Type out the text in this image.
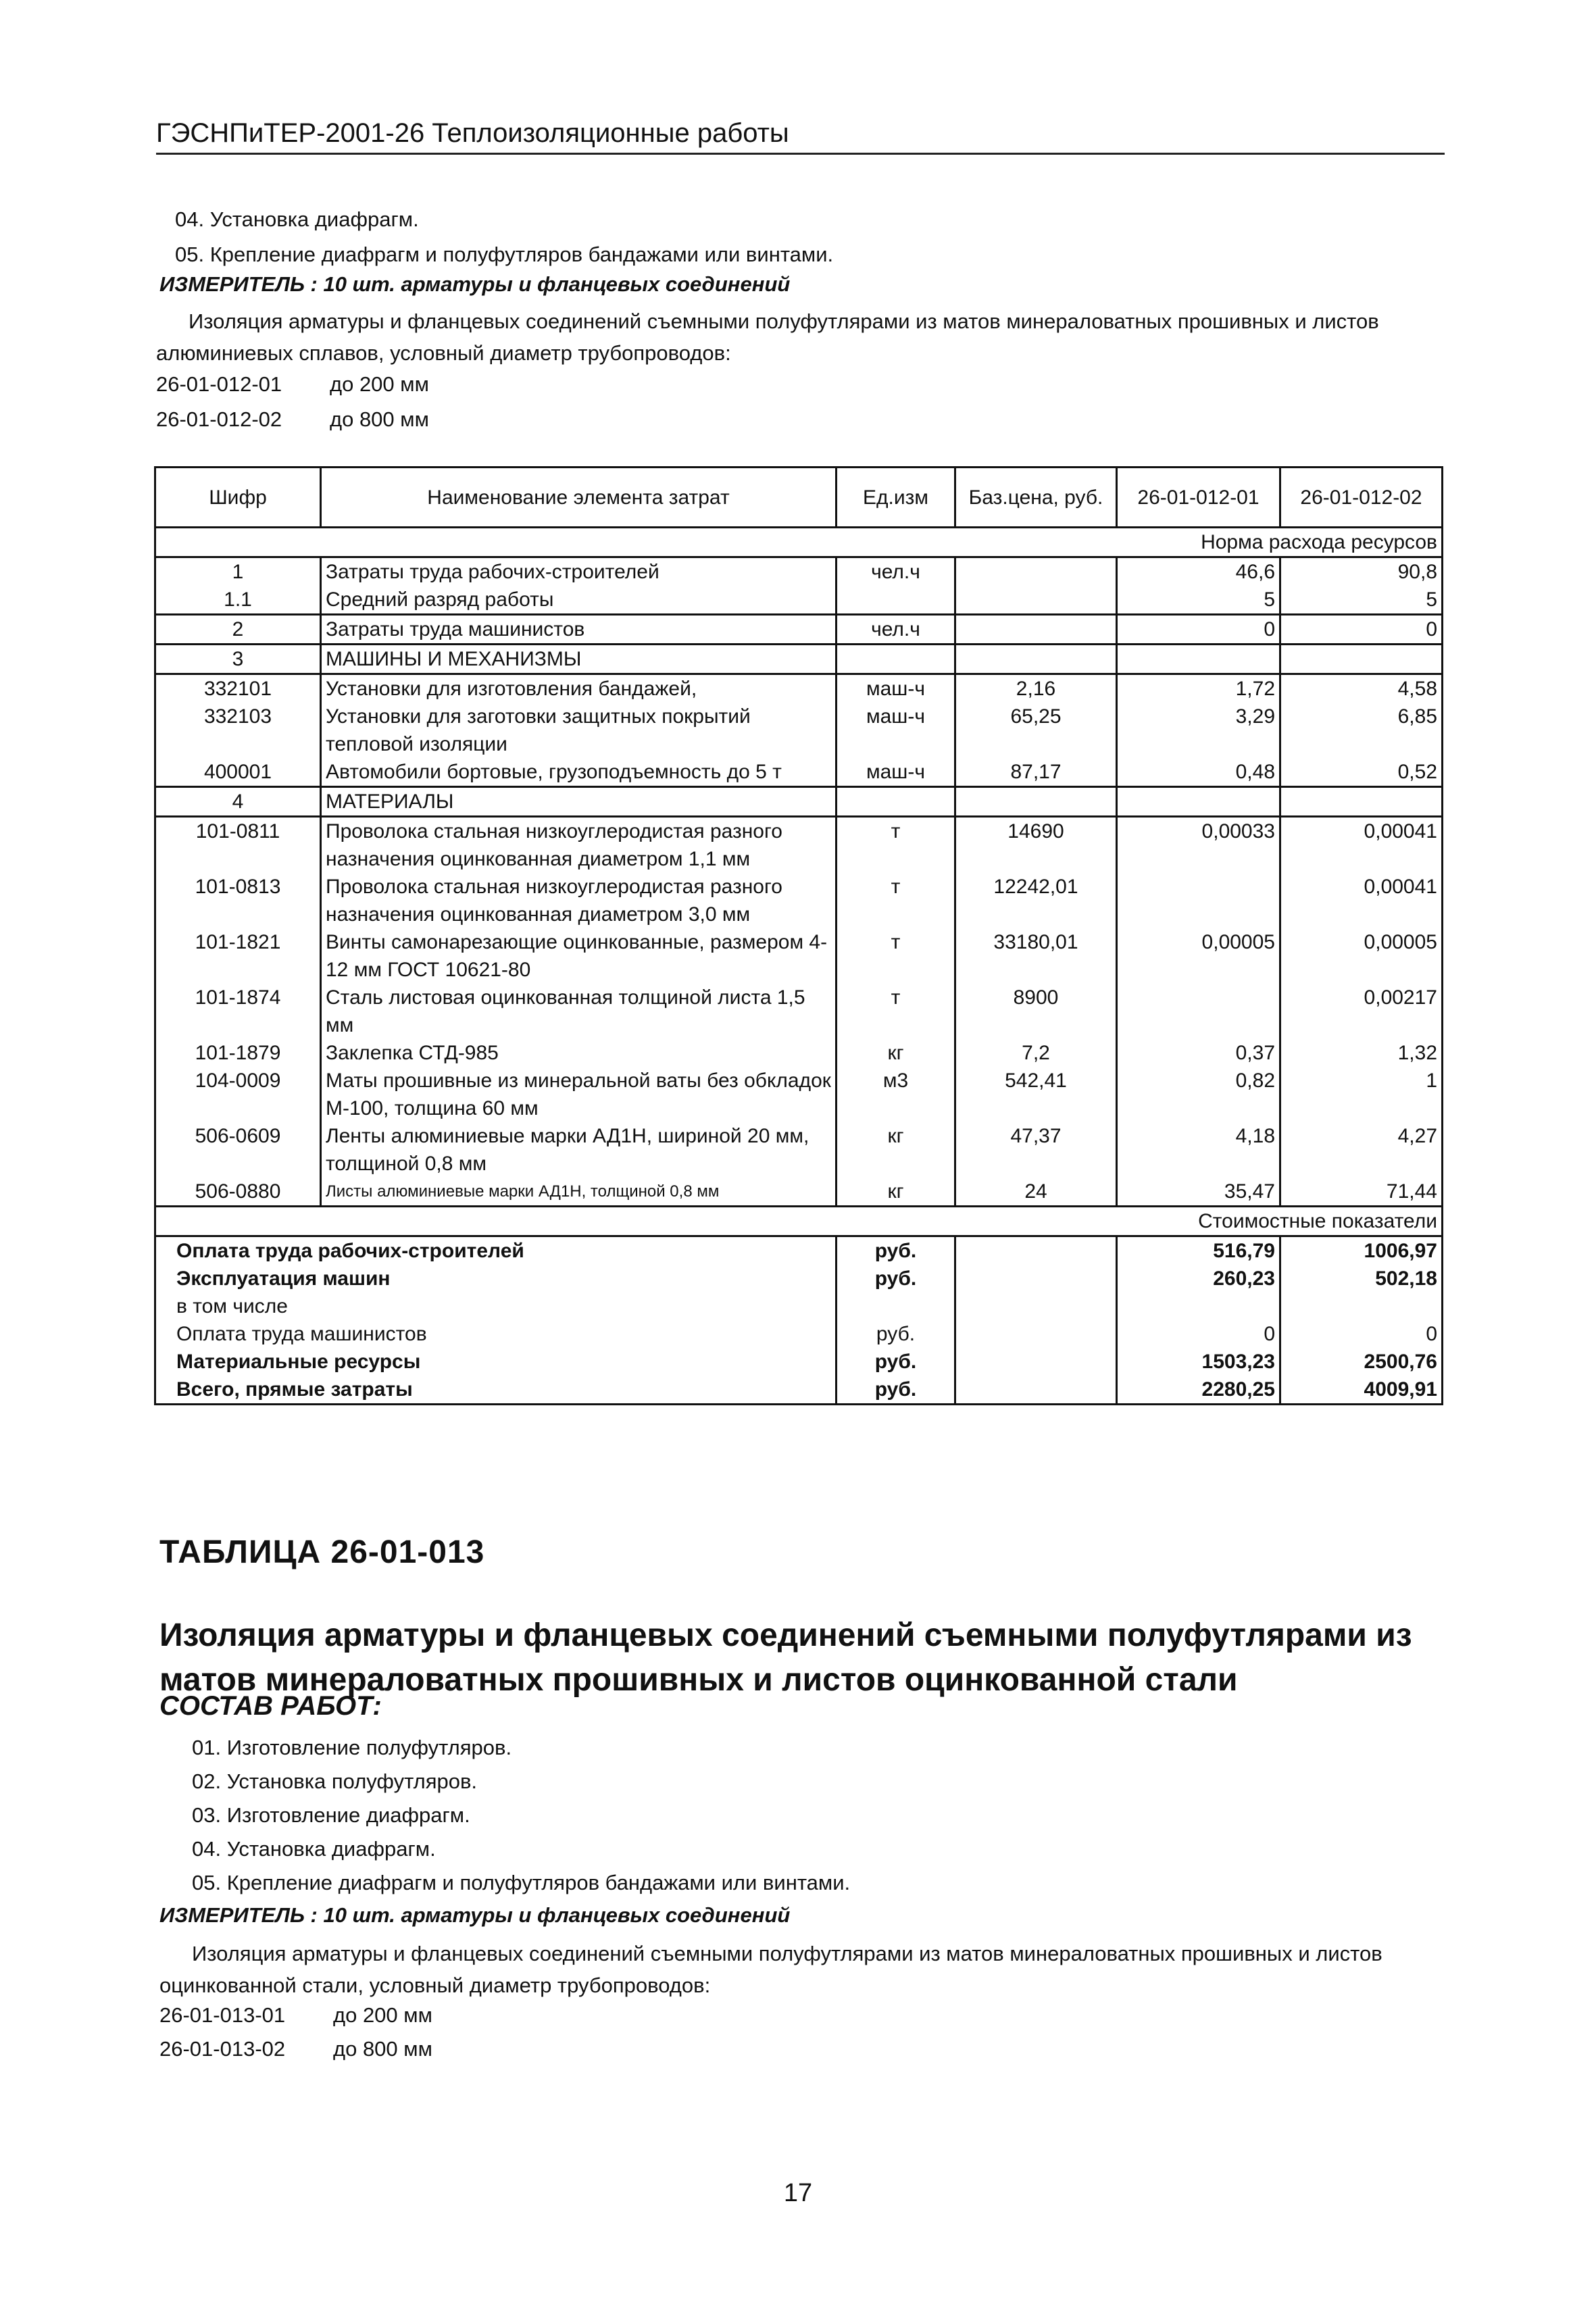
ГЭСНПиТЕР-2001-26 Теплоизоляционные работы
04. Установка диафрагм.
05. Крепление диафрагм и полуфутляров бандажами или винтами.
ИЗМЕРИТЕЛЬ : 10 шт. арматуры и фланцевых соединений
Изоляция арматуры и фланцевых соединений съемными полуфутлярами из матов минераловатных прошивных и листов алюминиевых сплавов, условный диаметр трубопроводов:
26-01-012-01 до 200 мм
26-01-012-02 до 800 мм
Шифр	Наименование элемента затрат	Ед.изм	Баз.цена, руб.	26-01-012-01	26-01-012-02
Норма расхода ресурсов					
1	Затраты труда рабочих-строителей	чел.ч		46,6	90,8
1.1	Средний разряд работы			5	5
2	Затраты труда машинистов	чел.ч		0	0
3	МАШИНЫ И МЕХАНИЗМЫ				
332101	Установки для изготовления бандажей,	маш-ч	2,16	1,72	4,58
332103	Установки для заготовки защитных покрытий тепловой изоляции	маш-ч	65,25	3,29	6,85
400001	Автомобили бортовые, грузоподъемность до 5 т	маш-ч	87,17	0,48	0,52
4	МАТЕРИАЛЫ				
101-0811	Проволока стальная низкоуглеродистая разного назначения оцинкованная диаметром 1,1 мм	т	14690	0,00033	0,00041
101-0813	Проволока стальная низкоуглеродистая разного назначения оцинкованная диаметром 3,0 мм	т	12242,01		0,00041
101-1821	Винты самонарезающие оцинкованные, размером 4-12 мм ГОСТ 10621-80	т	33180,01	0,00005	0,00005
101-1874	Сталь листовая оцинкованная толщиной листа 1,5 мм	т	8900		0,00217
101-1879	Заклепка СТД-985	кг	7,2	0,37	1,32
104-0009	Маты прошивные из минеральной ваты без обкладок М-100, толщина 60 мм	м3	542,41	0,82	1
506-0609	Ленты алюминиевые марки АД1Н, шириной 20 мм, толщиной 0,8 мм	кг	47,37	4,18	4,27
506-0880	Листы алюминиевые марки АД1Н, толщиной 0,8 мм	кг	24	35,47	71,44
Стоимостные показатели					
Оплата труда рабочих-строителей		руб.		516,79	1006,97
Эксплуатация машин		руб.		260,23	502,18
в том числе					
Оплата труда машинистов		руб.		0	0
Материальные ресурсы		руб.		1503,23	2500,76
Всего, прямые затраты		руб.		2280,25	4009,91
ТАБЛИЦА 26-01-013
Изоляция арматуры и фланцевых соединений съемными полуфутлярами из матов минераловатных прошивных и листов оцинкованной стали
СОСТАВ РАБОТ:
01. Изготовление полуфутляров.
02. Установка полуфутляров.
03. Изготовление диафрагм.
04. Установка диафрагм.
05. Крепление диафрагм и полуфутляров бандажами или винтами.
ИЗМЕРИТЕЛЬ : 10 шт. арматуры и фланцевых соединений
Изоляция арматуры и фланцевых соединений съемными полуфутлярами из матов минераловатных прошивных и листов оцинкованной стали, условный диаметр трубопроводов:
26-01-013-01 до 200 мм
26-01-013-02 до 800 мм
17
